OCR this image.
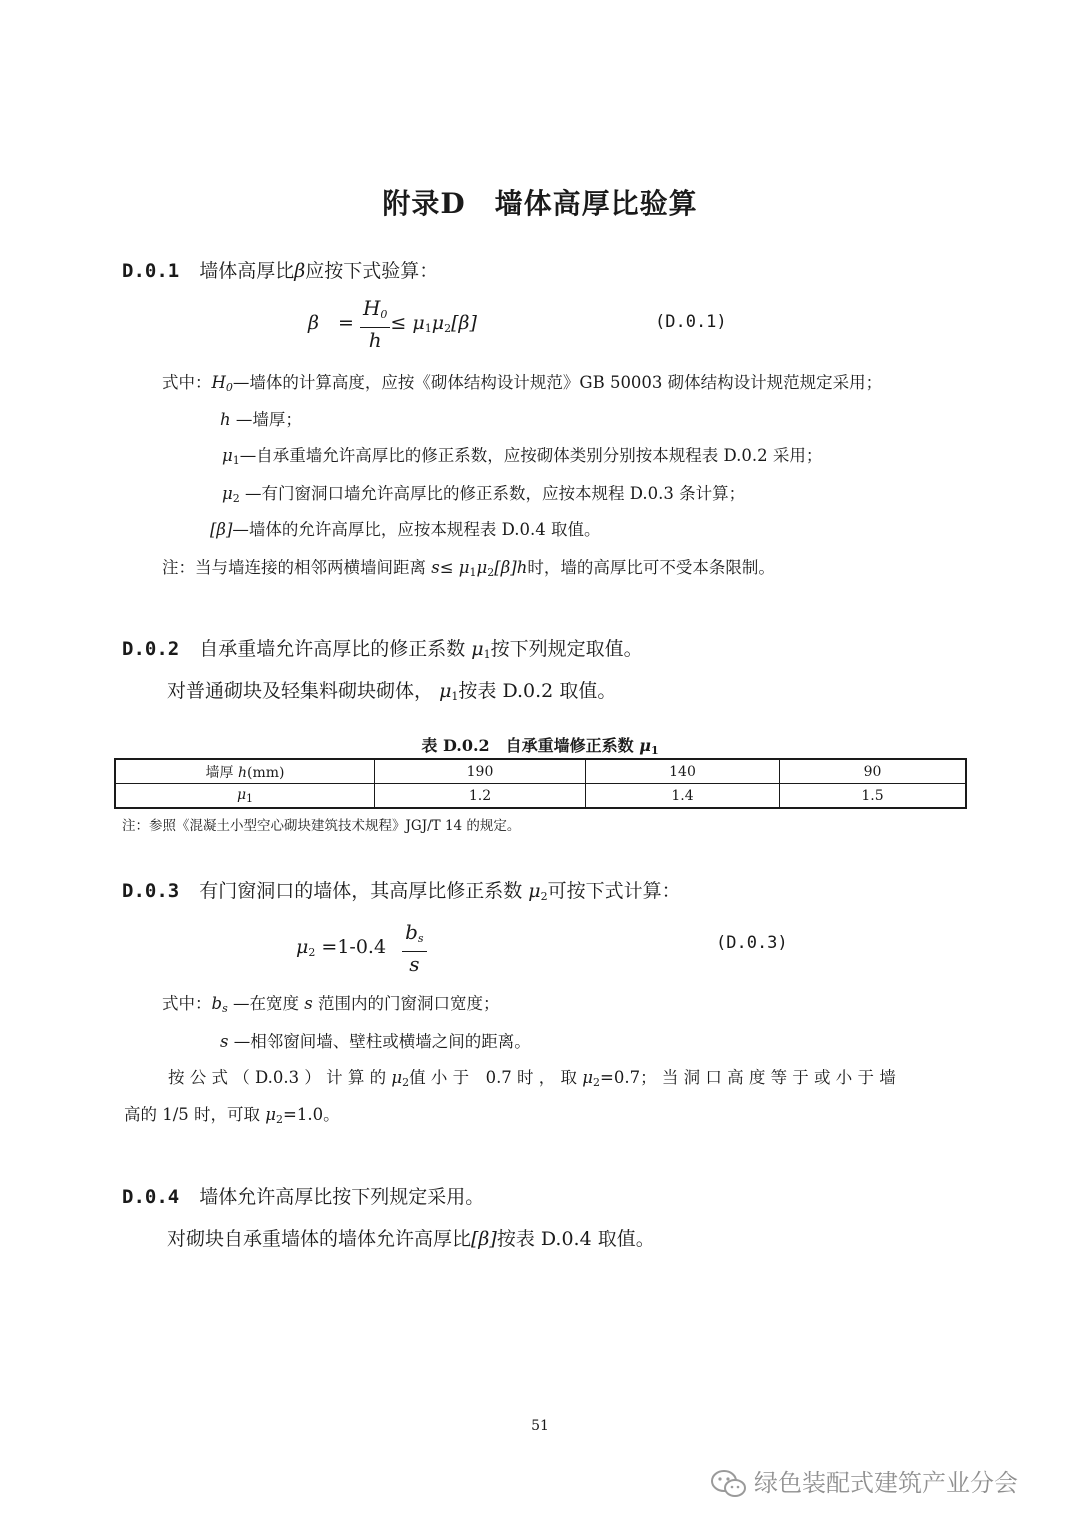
附录D　墙体高厚比验算
D.0.1 墙体高厚比β应按下式验算：
β　= $\frac{H_0}{h} \le \mu_1\mu_2[\beta]$	(D.0.1)
式中：$H_0—$墙体的计算高度，应按《砌体结构设计规范》GB 50003 砌体结构设计规范规定采用；
h —墙厚；
$\mu_1—$自承重墙允许高厚比的修正系数，应按砌体类别分别按本规程表 D.0.2 采用；
$\mu_2$ —有门窗洞口墙允许高厚比的修正系数，应按本规程 D.0.3 条计算；
[β]—墙体的允许高厚比，应按本规程表 D.0.4 取值。
注：当与墙连接的相邻两横墙间距离 $s\le \mu_1\mu_2[\beta]h$时，墙的高厚比可不受本条限制。
D.0.2 自承重墙允许高厚比的修正系数 $\mu_1$按下列规定取值。
对普通砌块及轻集料砌块砌体， $\mu_1$按表 D.0.2 取值。
表 D.0.2　自承重墙修正系数 $\mu_1$
墙厚 h(mm)	190	140	90
$\mu_1$	1.2	1.4	1.5
注：参照《混凝土小型空心砌块建筑技术规程》JGJ/T 14 的规定。
D.0.3 有门窗洞口的墙体，其高厚比修正系数 $\mu_2$可按下式计算：
$\mu_2 =1-0.4 \frac{b_s}{s}$	(D.0.3)
式中：$b_s$ —在宽度 s 范围内的门窗洞口宽度；
s —相邻窗间墙、壁柱或横墙之间的距离。
按 公 式 （ D.0.3 ） 计 算 的 $\mu_2$值 小 于　0.7 时 ， 取 $\mu_2=0.7$； 当 洞 口 高 度 等 于 或 小 于 墙
高的 1/5 时，可取 $\mu_2=1.0$。
D.0.4 墙体允许高厚比按下列规定采用。
对砌块自承重墙体的墙体允许高厚比[β]按表 D.0.4 取值。
51
绿色装配式建筑产业分会
